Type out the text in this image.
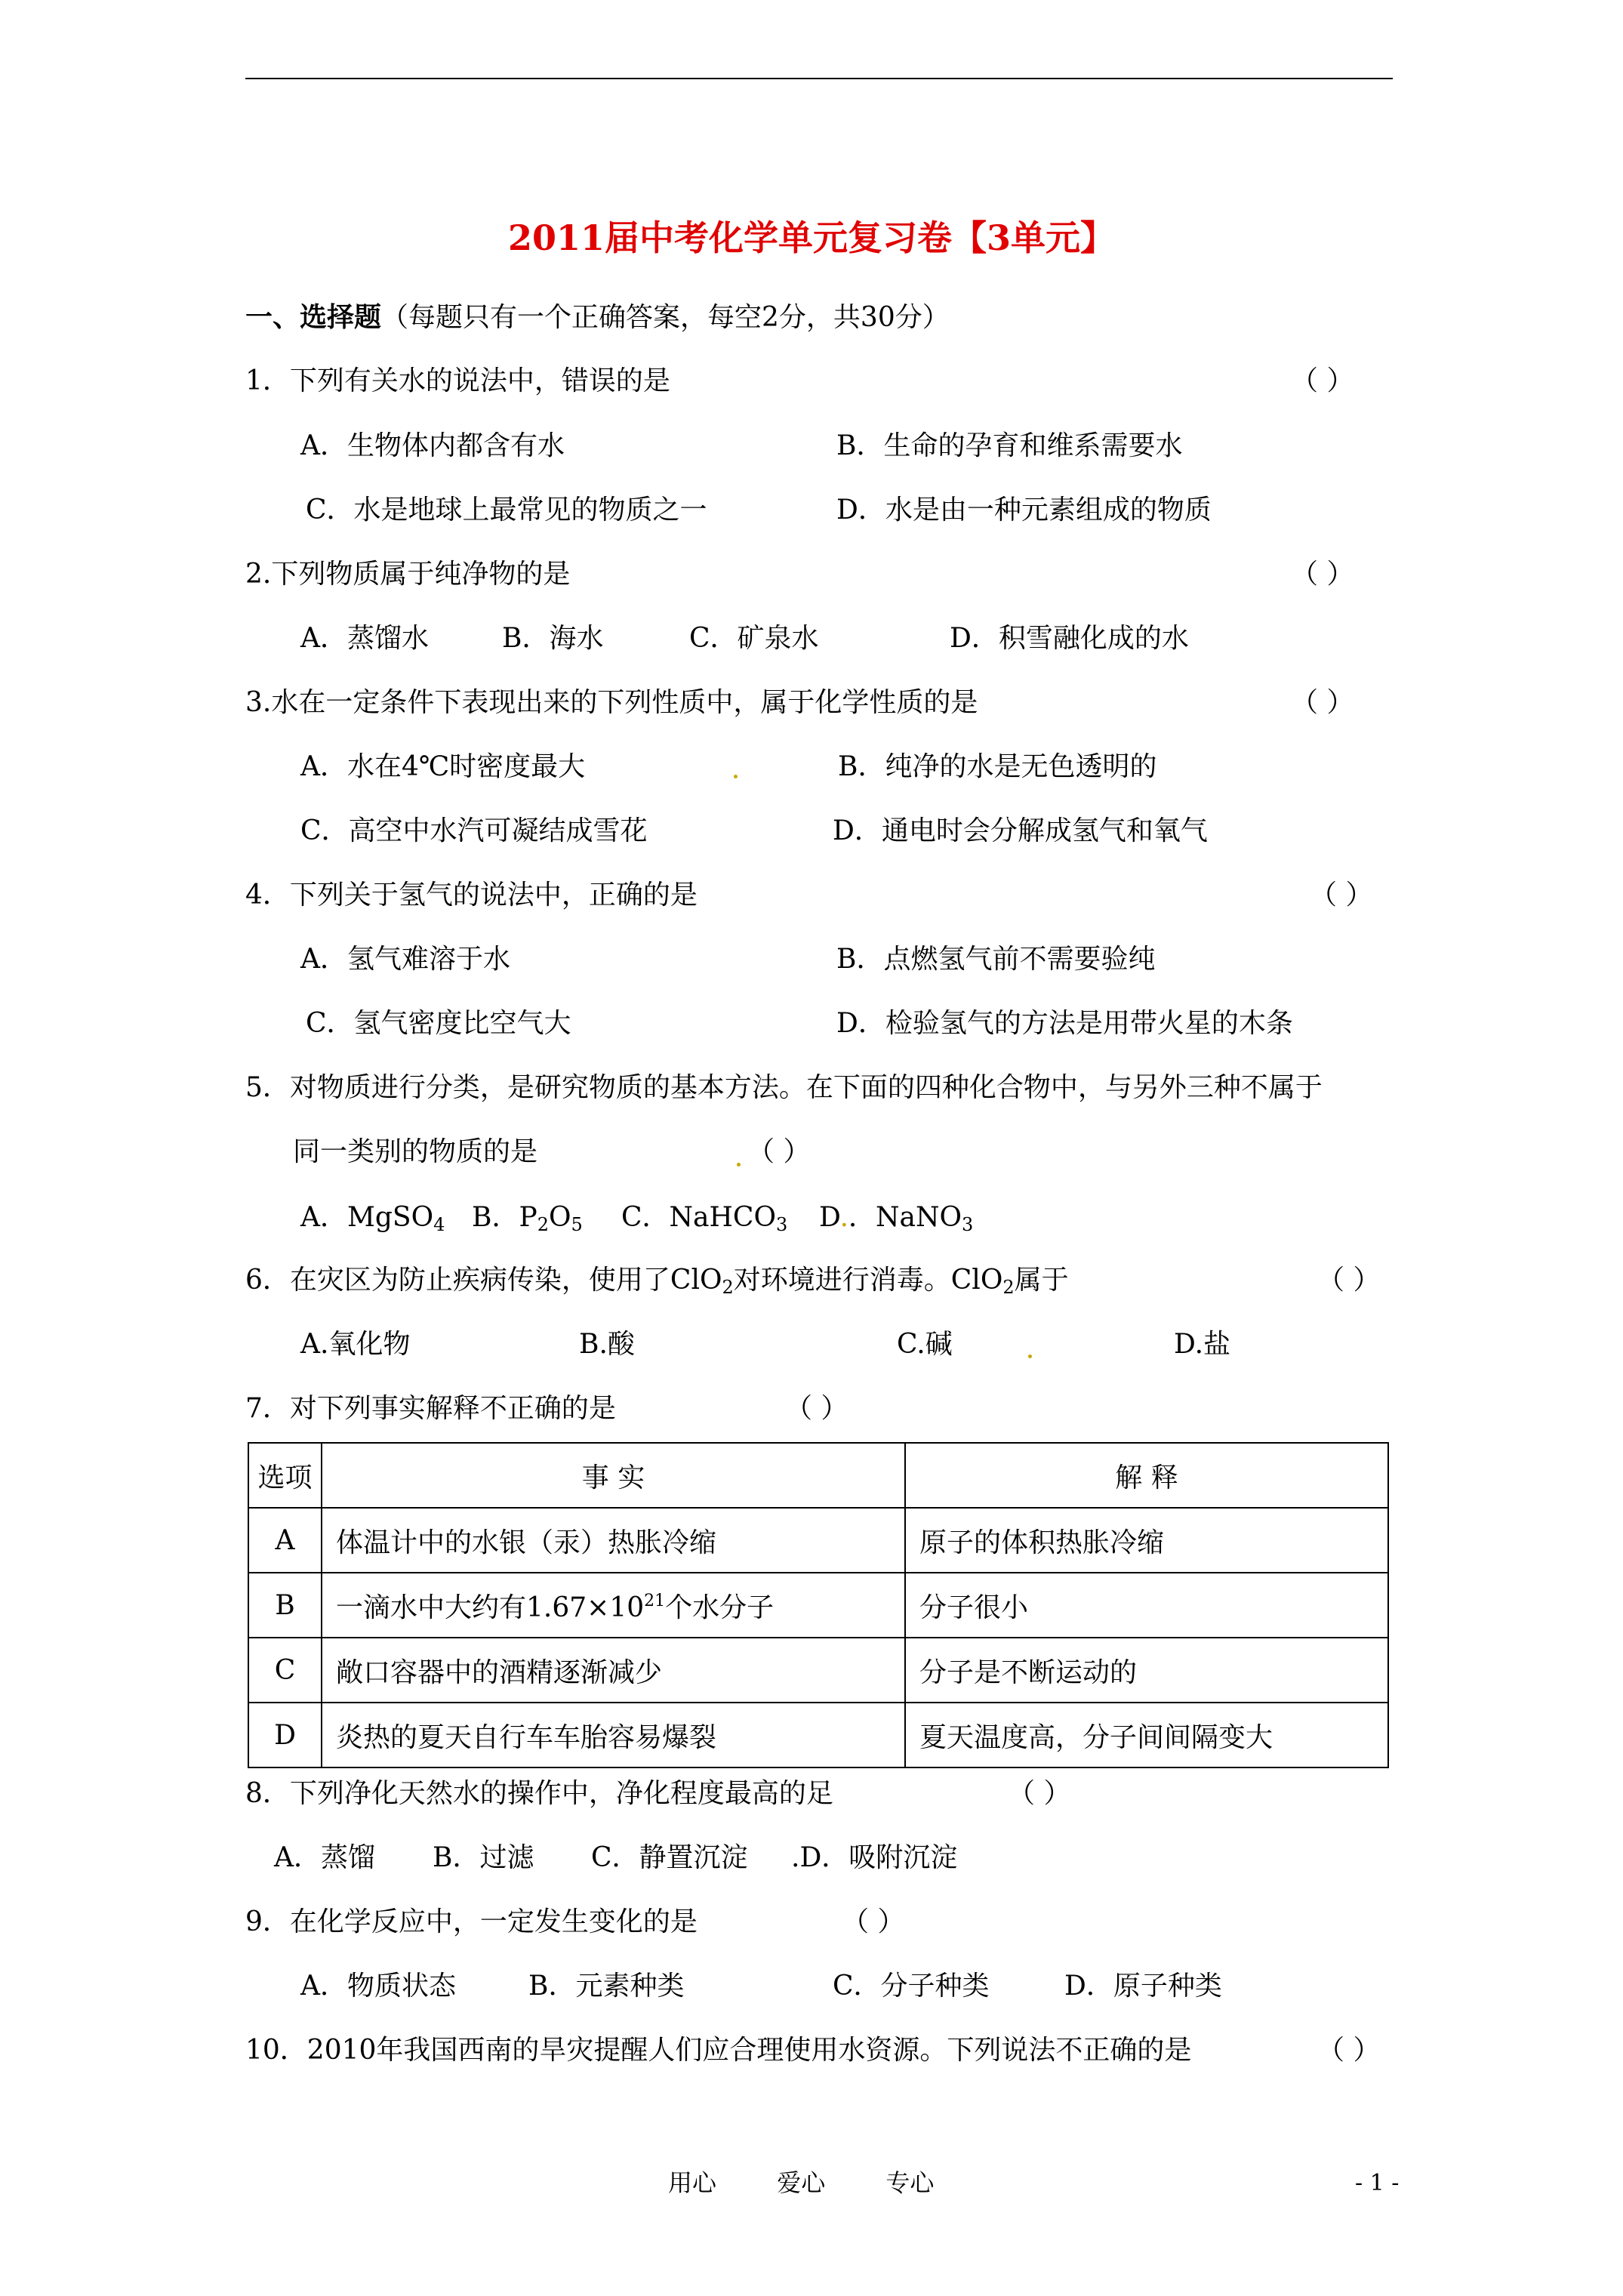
2011届中考化学单元复习卷【3单元】
一、选择题（每题只有一个正确答案，每空2分，共30分）
1．下列有关水的说法中，错误的是	（ ）
A．生物体内都含有水	B．生命的孕育和维系需要水
C．水是地球上最常见的物质之一	D．水是由一种元素组成的物质
2.下列物质属于纯净物的是	（ ）
A．蒸馏水	B．海水	C．矿泉水	D．积雪融化成的水
3.水在一定条件下表现出来的下列性质中，属于化学性质的是	（ ）
A．水在4℃时密度最大	B．纯净的水是无色透明的
C．高空中水汽可凝结成雪花	D．通电时会分解成氢气和氧气
4．下列关于氢气的说法中，正确的是	（ ）
A．氢气难溶于水	B．点燃氢气前不需要验纯
C．氢气密度比空气大	D．检验氢气的方法是用带火星的木条
5．对物质进行分类，是研究物质的基本方法。在下面的四种化合物中，与另外三种不属于
同一类别的物质的是	（ ）
A．MgSO$_4$ B．$P_2O_5$ C．NaHCO$_3$ D.．NaNO$_3$
6．在灾区为防止疾病传染，使用了ClO$_2$对环境进行消毒。ClO$_2$属于	（ ）
A.氧化物	B.酸	C.碱	D.盐
7．对下列事实解释不正确的是	（ ）
选项	事 实	解 释
A	体温计中的水银（汞）热胀冷缩	原子的体积热胀冷缩
B	一滴水中大约有$1.67\times 10^{21}$个水分子	分子很小
C	敞口容器中的酒精逐渐减少	分子是不断运动的
D	炎热的夏天自行车车胎容易爆裂	夏天温度高，分子间间隔变大
8．下列净化天然水的操作中，净化程度最高的足	（ ）
A．蒸馏 B．过滤 C．静置沉淀 .D．吸附沉淀
9．在化学反应中，一定发生变化的是	（ ）
A．物质状态	B．元素种类	C．分子种类	D．原子种类
10．2010年我国西南的旱灾提醒人们应合理使用水资源。下列说法不正确的是	（ ）
用心	爱心	专心	- 1 -
